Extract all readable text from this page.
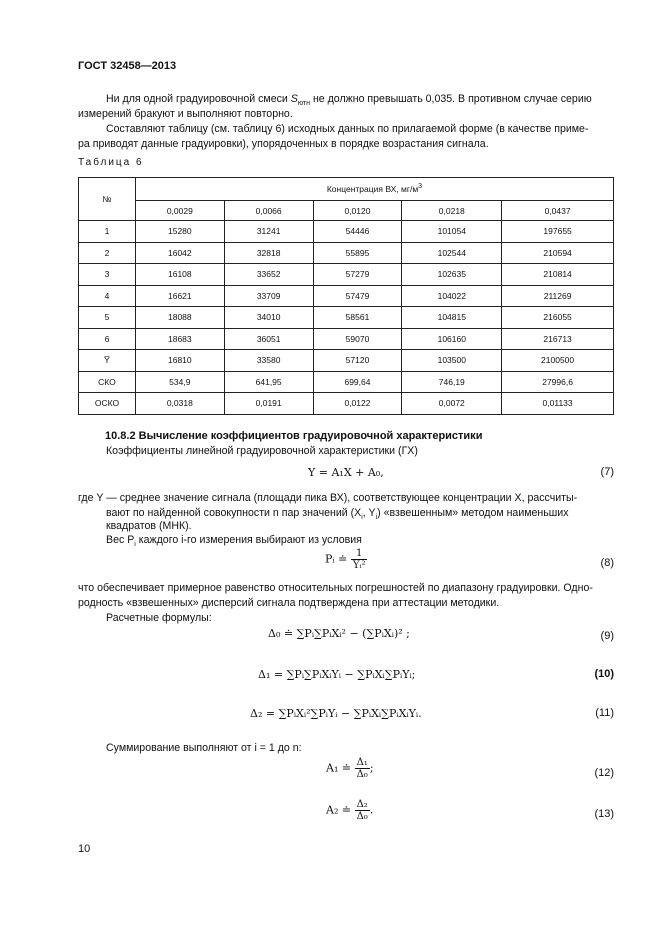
ГОСТ 32458—2013
Ни для одной градуировочной смеси $S_{ютн}$ не должно превышать 0,035. В противном случае серию
измерений бракуют и выполняют повторно.
Составляют таблицу (см. таблицу 6) исходных данных по прилагаемой форме (в качестве приме-
ра приводят данные градуировки), упорядоченных в порядке возрастания сигнала.
Таблица 6
№	Концентрация ВХ, $мг/м^3$
	0,0029	0,0066	0,0120	0,0218	0,0437
1	15280	31241	54446	101054	197655
2	16042	32818	55895	102544	210594
3	16108	33652	57279	102635	210814
4	16621	33709	57479	104022	211269
5	18088	34010	58561	104815	216055
6	18683	36051	59070	106160	216713
Y̅	16810	33580	57120	103500	2100500
СКО	534,9	641,95	699,64	746,19	27996,6
ОСКО	0,0318	0,0191	0,0122	0,0072	0,01133
10.8.2 Вычисление коэффициентов градуировочной характеристики
Коэффициенты линейной градуировочной характеристики (ГХ)
Y = A₁X + A₀,	(7)
где Y — среднее значение сигнала (площади пика ВХ), соответствующее концентрации X, рассчиты-
вают по найденной совокупности n пар значений ($X_i$, $Y_i$) «взвешенным» методом наименьших
квадратов (МНК).
Вес $P_i$ каждого i-го измерения выбирают из условия
Pᵢ ≐ $\frac{1}{\text{Yᵢ²}}$	(8)
что обеспечивает примерное равенство относительных погрешностей по диапазону градуировки. Одно-
родность «взвешенных» дисперсий сигнала подтверждена при аттестации методики.
Расчетные формулы:
Δ₀ ≐ ∑Pᵢ∑PᵢXᵢ² − (∑PᵢXᵢ)² ;	(9)
Δ₁ = ∑Pᵢ∑PᵢXᵢYᵢ − ∑PᵢXᵢ∑PᵢYᵢ;	(10)
Δ₂ = ∑PᵢXᵢ²∑PᵢYᵢ − ∑PᵢXᵢ∑PᵢXᵢYᵢ.	(11)
Суммирование выполняют от i = 1 до n:
A₁ ≐ $\frac{\text{Δ₁}}{\text{Δ₀}}$ ;	(12)
A₂ ≐ $\frac{\text{Δ₂}}{\text{Δ₀}}$ .	(13)
10
